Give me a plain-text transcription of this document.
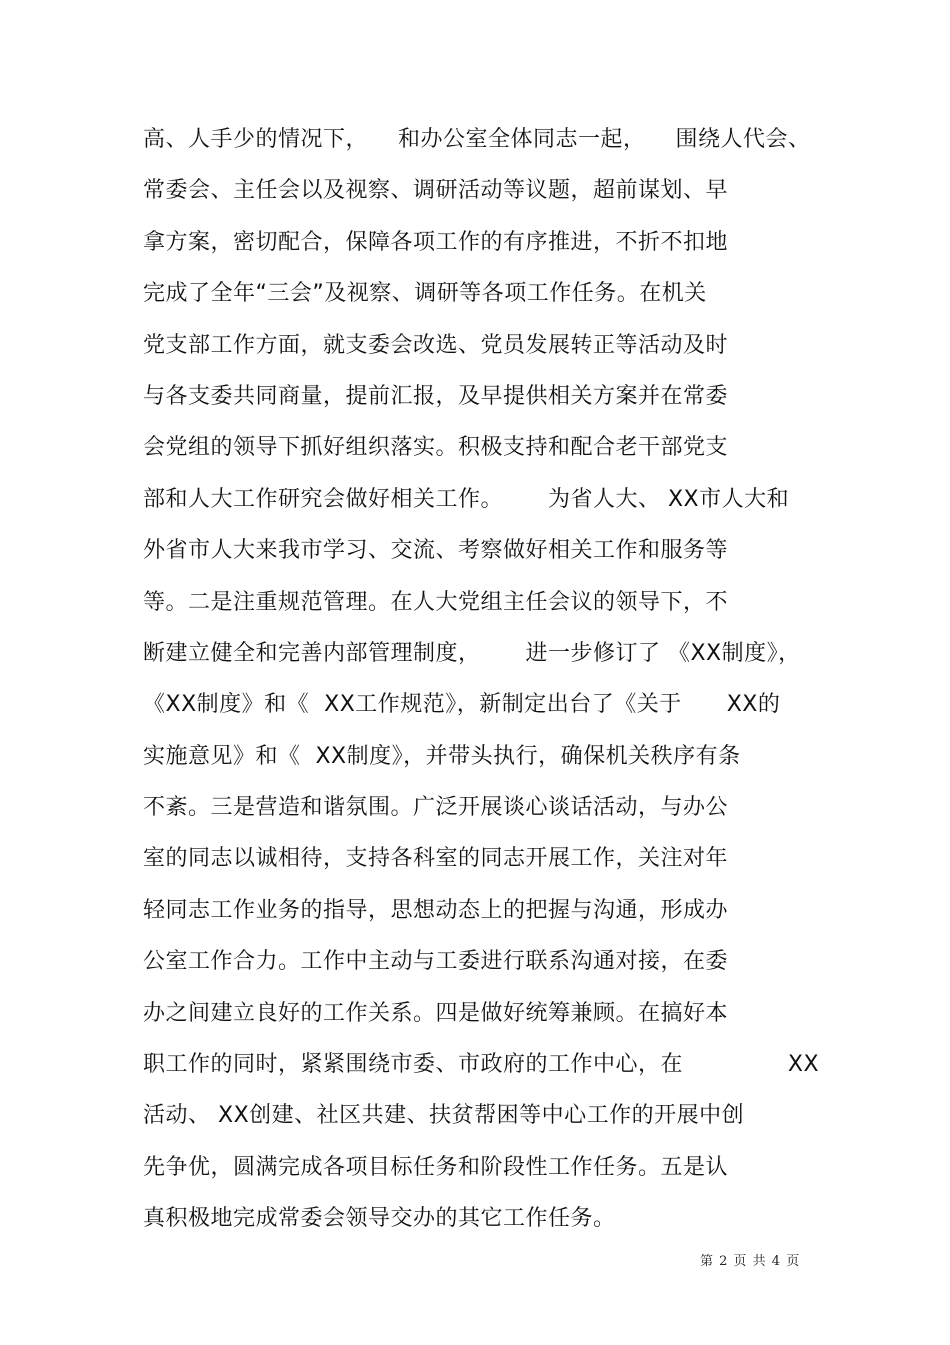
高、人手少的情况下，    和办公室全体同志一起，    围绕人代会、
常委会、主任会以及视察、调研活动等议题，超前谋划、早
拿方案，密切配合，保障各项工作的有序推进，不折不扣地
完成了全年“三会”及视察、调研等各项工作任务。在机关
党支部工作方面，就支委会改选、党员发展转正等活动及时
与各支委共同商量，提前汇报，及早提供相关方案并在常委
会党组的领导下抓好组织落实。积极支持和配合老干部党支
部和人大工作研究会做好相关工作。      为省人大、 XX市人大和
外省市人大来我市学习、交流、考察做好相关工作和服务等
等。二是注重规范管理。在人大党组主任会议的领导下，不
断建立健全和完善内部管理制度，      进一步修订了 《XX制度》，
《XX制度》和《  XX工作规范》，新制定出台了《关于      XX的
实施意见》和《  XX制度》，并带头执行，确保机关秩序有条
不紊。三是营造和谐氛围。广泛开展谈心谈话活动，与办公
室的同志以诚相待，支持各科室的同志开展工作，关注对年
轻同志工作业务的指导，思想动态上的把握与沟通，形成办
公室工作合力。工作中主动与工委进行联系沟通对接，在委
办之间建立良好的工作关系。四是做好统筹兼顾。在搞好本
职工作的同时，紧紧围绕市委、市政府的工作中心，在              XX
活动、 XX创建、社区共建、扶贫帮困等中心工作的开展中创
先争优，圆满完成各项目标任务和阶段性工作任务。五是认
真积极地完成常委会领导交办的其它工作任务。
第 2 页 共 4 页
